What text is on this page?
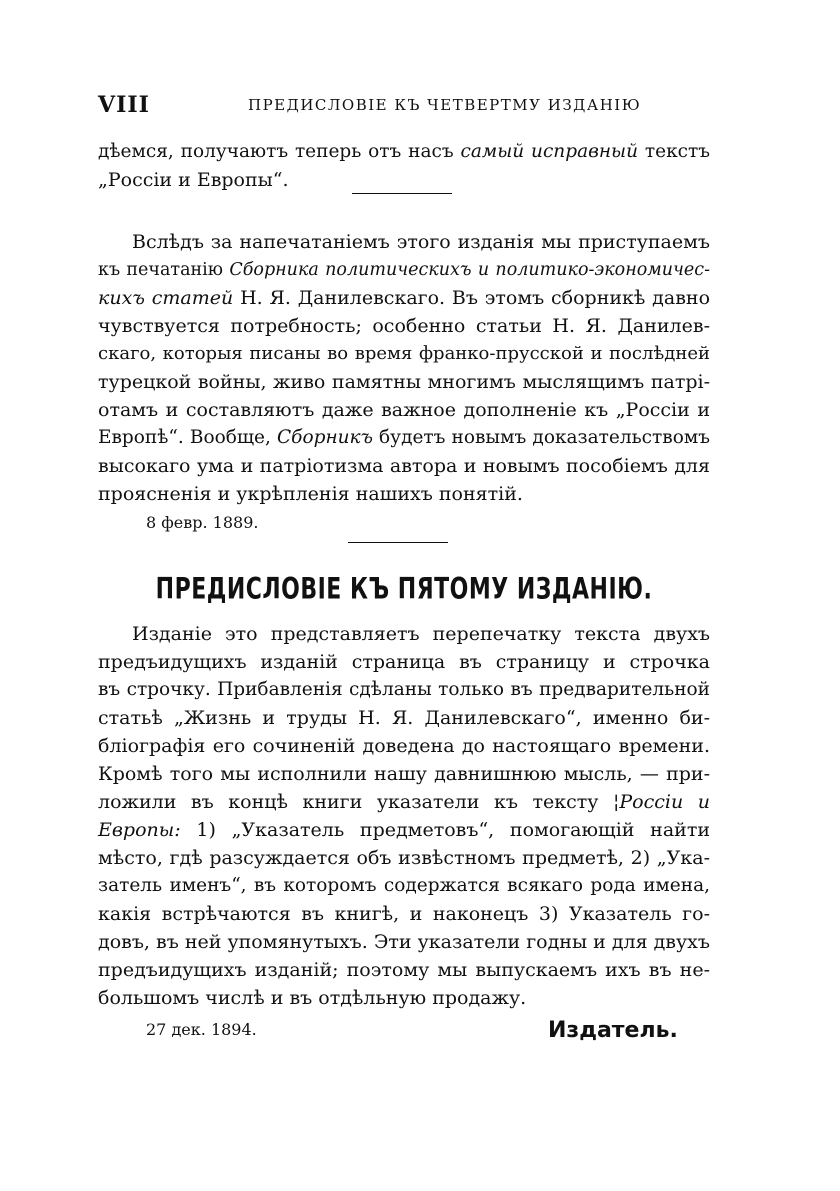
VIII	ПРЕДИСЛОВІЕ КЪ ЧЕТВЕРТМУ ИЗДАНІЮ
дѣемся, получаютъ теперь отъ насъ самый исправный текстъ
„Россіи и Европы“.
Вслѣдъ за напечатаніемъ этого изданія мы приступаемъ
къ печатанію Сборника политическихъ и политико-экономичес-
кихъ статей Н. Я. Данилевскаго. Въ этомъ сборникѣ давно
чувствуется потребность; особенно статьи Н. Я. Данилев-
скаго, которыя писаны во время франко-прусской и послѣдней
турецкой войны, живо памятны многимъ мыслящимъ патрі-
отамъ и составляютъ даже важное дополненіе къ „Россіи и
Европѣ“. Вообще, Сборникъ будетъ новымъ доказательствомъ
высокаго ума и патріотизма автора и новымъ пособіемъ для
проясненія и укрѣпленія нашихъ понятій.
8 февр. 1889.
ПРЕДИСЛОВІЕ КЪ ПЯТОМУ ИЗДАНІЮ.
Изданіе это представляетъ перепечатку текста двухъ
предъидущихъ изданій страница въ страницу и строчка
въ строчку. Прибавленія сдѣланы только въ предварительной
статьѣ „Жизнь и труды Н. Я. Данилевскаго“, именно би-
бліографія его сочиненій доведена до настоящаго времени.
Кромѣ того мы исполнили нашу давнишнюю мысль, — при-
ложили въ концѣ книги указатели къ тексту ¦Россіи и
Европы: 1) „Указатель предметовъ“, помогающій найти
мѣсто, гдѣ разсуждается объ извѣстномъ предметѣ, 2) „Ука-
затель именъ“, въ которомъ содержатся всякаго рода имена,
какія встрѣчаются въ книгѣ, и наконецъ 3) Указатель го-
довъ, въ ней упомянутыхъ. Эти указатели годны и для двухъ
предъидущихъ изданій; поэтому мы выпускаемъ ихъ въ не-
большомъ числѣ и въ отдѣльную продажу.
27 дек. 1894.	Издатель.
